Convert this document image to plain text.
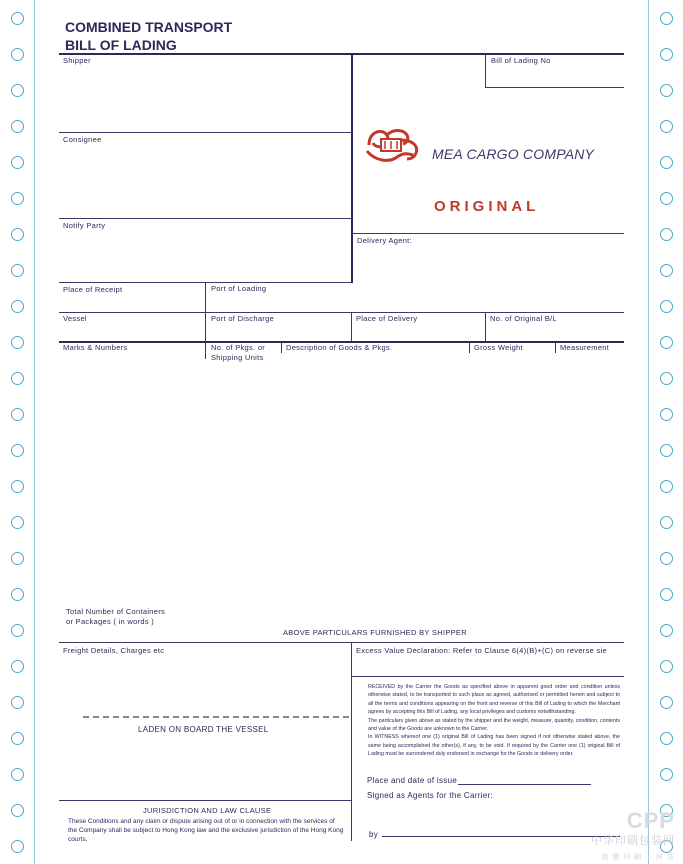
COMBINED TRANSPORT
BILL OF LADING
Shipper	Bill of Lading No
Consignee
Notify Party
Delivery Agent:
Place of Receipt	Port of Loading
Vessel	Port of Discharge	Place of Delivery	No. of Original B/L
Marks & Numbers	No. of Pkgs. or
Shipping Units
Description of Goods & Pkgs.	Gross Weight	Measurement
Total Number of Containers
or Packages ( in words )
ABOVE PARTICULARS FURNISHED BY SHIPPER
Freight Details, Charges etc	Excess Value Declaration: Refer to Clause 6(4)(B)+(C) on reverse sie
LADEN ON BOARD THE VESSEL
Place and date of issue
Signed as Agents for the Carrier:
by
JURISDICTION AND LAW CLAUSE
These Conditions and any claim or dispute arising out of or in connection with the services of the Company shall be subject to Hong Kong law and the exclusive jurisdiction of the Hong Kong courts.
MEA CARGO COMPANY
ORIGINAL
RECEIVED by the Carrier the Goods as specified above in apparent good order and condition unless otherwise stated, to be transported to such place as agreed, authorised or permitted herein and subject to all the terms and conditions appearing on the front and reverse of this Bill of Lading to which the Merchant agrees by accepting this Bill of Lading, any local privileges and customs notwithstanding.
The particulars given above as stated by the shipper and the weight, measure, quantity, condition, contents and value of the Goods are unknown to the Carrier.
In WITNESS whereof one (1) original Bill of Lading has been signed if not otherwise stated above, the same being accomplished the other(s), if any, to be void. If required by the Carrier one (1) original Bill of Lading must be surrendered duly endorsed in exchange for the Goods or delivery order.
CPP
中华印刷包装网
我 要 印 刷 下 网 站
